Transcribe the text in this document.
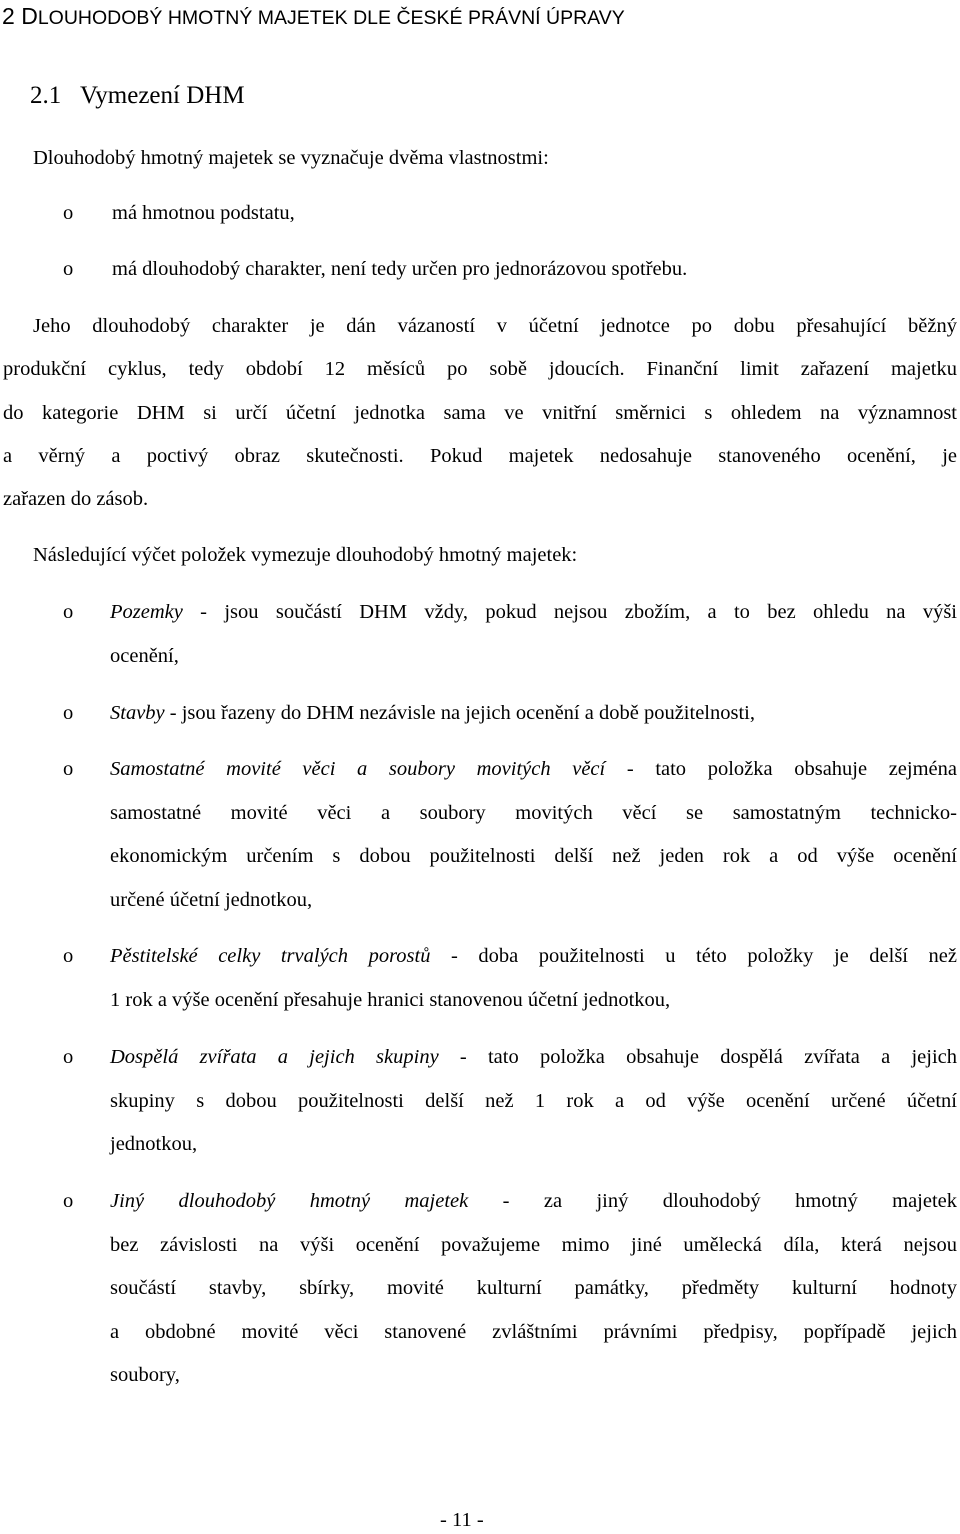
2 DLOUHODOBÝ HMOTNÝ MAJETEK DLE ČESKÉ PRÁVNÍ ÚPRAVY
2.1 Vymezení DHM
Dlouhodobý hmotný majetek se vyznačuje dvěma vlastnostmi:
o má hmotnou podstatu,
o má dlouhodobý charakter, není tedy určen pro jednorázovou spotřebu.
Jeho dlouhodobý charakter je dán vázaností v účetní jednotce po dobu přesahující běžný
produkční cyklus, tedy období 12 měsíců po sobě jdoucích. Finanční limit zařazení majetku
do kategorie DHM si určí účetní jednotka sama ve vnitřní směrnici s ohledem na významnost
a věrný a poctivý obraz skutečnosti. Pokud majetek nedosahuje stanoveného ocenění, je
zařazen do zásob.
Následující výčet položek vymezuje dlouhodobý hmotný majetek:
o Pozemky - jsou součástí DHM vždy, pokud nejsou zbožím, a to bez ohledu na výši
ocenění,
o Stavby - jsou řazeny do DHM nezávisle na jejich ocenění a době použitelnosti,
o Samostatné movité věci a soubory movitých věcí - tato položka obsahuje zejména
samostatné movité věci a soubory movitých věcí se samostatným technicko-
ekonomickým určením s dobou použitelnosti delší než jeden rok a od výše ocenění
určené účetní jednotkou,
o Pěstitelské celky trvalých porostů - doba použitelnosti u této položky je delší než
1 rok a výše ocenění přesahuje hranici stanovenou účetní jednotkou,
o Dospělá zvířata a jejich skupiny - tato položka obsahuje dospělá zvířata a jejich
skupiny s dobou použitelnosti delší než 1 rok a od výše ocenění určené účetní
jednotkou,
o Jiný dlouhodobý hmotný majetek - za jiný dlouhodobý hmotný majetek
bez závislosti na výši ocenění považujeme mimo jiné umělecká díla, která nejsou
součástí stavby, sbírky, movité kulturní památky, předměty kulturní hodnoty
a obdobné movité věci stanovené zvláštními právními předpisy, popřípadě jejich
soubory,
- 11 -
